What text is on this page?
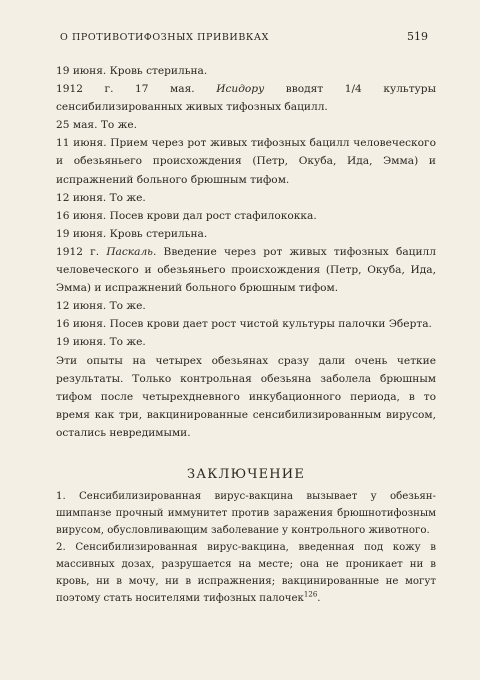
О ПРОТИВОТИФОЗНЫХ ПРИВИВКАХ	519

19 июня. Кровь стерильна.

1912 г. 17 мая. Исидору вводят 1/4 культуры сенсибилизированных живых тифозных бацилл.

25 мая. То же.

11 июня. Прием через рот живых тифозных бацилл человеческого и обезьяньего происхождения (Петр, Окуба, Ида, Эмма) и испражнений больного брюшным тифом.

12 июня. То же.

16 июня. Посев крови дал рост стафилококка.

19 июня. Кровь стерильна.

1912 г. Паскаль. Введение через рот живых тифозных бацилл человеческого и обезьяньего происхождения (Петр, Окуба, Ида, Эмма) и испражнений больного брюшным тифом.

12 июня. То же.

16 июня. Посев крови дает рост чистой культуры палочки Эберта.

19 июня. То же.

Эти опыты на четырех обезьянах сразу дали очень четкие результаты. Только контрольная обезьяна заболела брюшным тифом после четырехдневного инкубационного периода, в то время как три, вакцинированные сенсибилизированным вирусом, остались невредимыми.

ЗАКЛЮЧЕНИЕ

1. Сенсибилизированная вирус-вакцина вызывает у обезьян-шимпанзе прочный иммунитет против заражения брюшнотифозным вирусом, обусловливающим заболевание у контрольного животного.

2. Сенсибилизированная вирус-вакцина, введенная под кожу в массивных дозах, разрушается на месте; она не проникает ни в кровь, ни в мочу, ни в испражнения; вакцинированные не могут поэтому стать носителями тифозных палочек$^{126}$.
